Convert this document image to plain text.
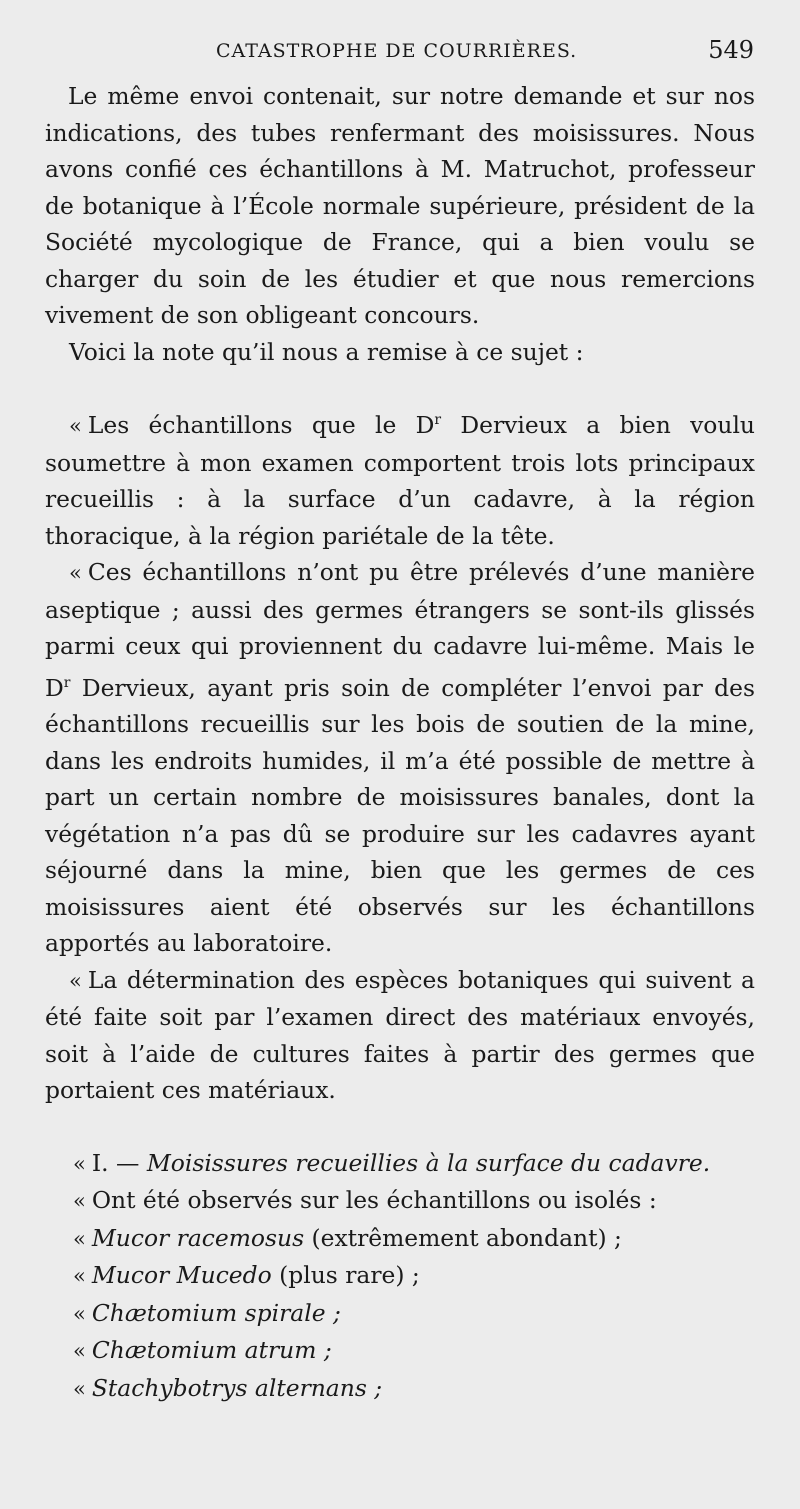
CATASTROPHE DE COURRIÈRES.	549

Le même envoi contenait, sur notre demande et sur nos indications, des tubes renfermant des moisissures. Nous avons confié ces échantillons à M. Matruchot, professeur de botanique à l’École normale supérieure, président de la Société mycologique de France, qui a bien voulu se charger du soin de les étudier et que nous remercions vivement de son obligeant concours.

Voici la note qu’il nous a remise à ce sujet :

« Les échantillons que le $D^r$ Dervieux a bien voulu soumettre à mon examen comportent trois lots principaux recueillis : à la surface d’un cadavre, à la région thoracique, à la région pariétale de la tête.

« Ces échantillons n’ont pu être prélevés d’une manière aseptique ; aussi des germes étrangers se sont-ils glissés parmi ceux qui proviennent du cadavre lui-même. Mais le $D^r$ Dervieux, ayant pris soin de compléter l’envoi par des échantillons recueillis sur les bois de soutien de la mine, dans les endroits humides, il m’a été possible de mettre à part un certain nombre de moisissures banales, dont la végétation n’a pas dû se produire sur les cadavres ayant séjourné dans la mine, bien que les germes de ces moisissures aient été observés sur les échantillons apportés au laboratoire.

« La détermination des espèces botaniques qui suivent a été faite soit par l’examen direct des matériaux envoyés, soit à l’aide de cultures faites à partir des germes que portaient ces matériaux.

« I. — Moisissures recueillies à la surface du cadavre.

« Ont été observés sur les échantillons ou isolés :

« Mucor racemosus (extrêmement abondant) ;

« Mucor Mucedo (plus rare) ;

« Chætomium spirale ;

« Chætomium atrum ;

« Stachybotrys alternans ;
